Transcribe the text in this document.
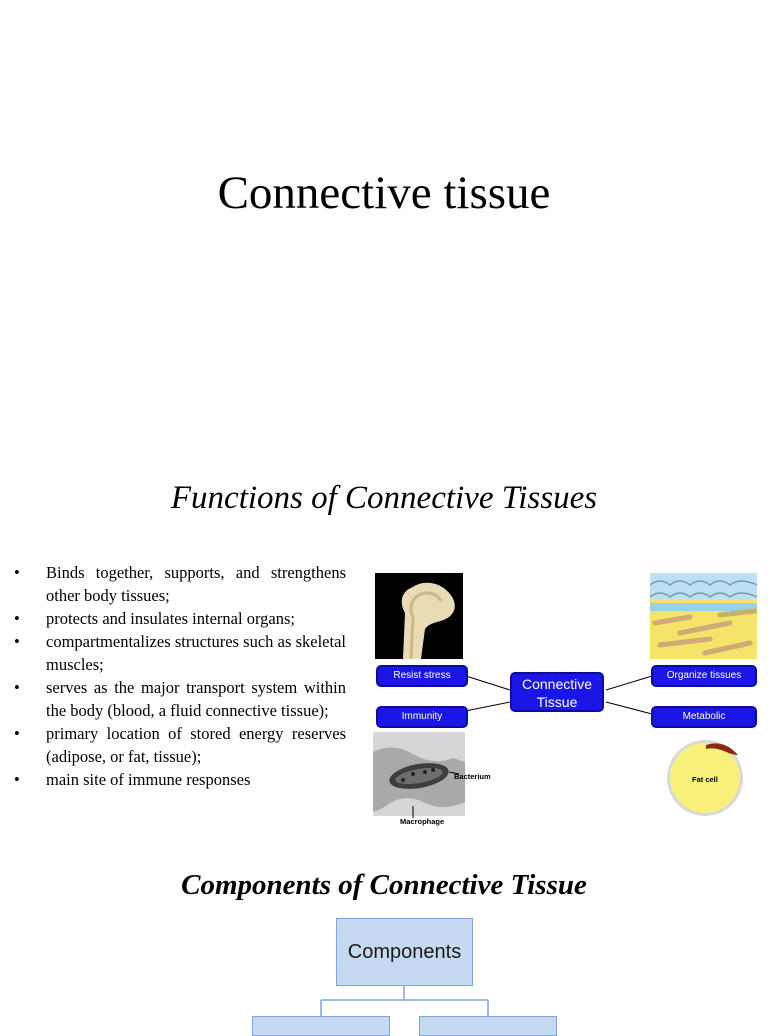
Connective tissue
Functions of Connective Tissues
• Binds together, supports, and strengthens other body tissues;
• protects and insulates internal organs;
• compartmentalizes structures such as skeletal muscles;
• serves as the major transport system within the body (blood, a fluid connective tissue);
• primary location of stored energy reserves (adipose, or fat, tissue);
• main site of immune responses
Resist stress
Immunity
Organize tissues
Metabolic
Connective Tissue
Bacterium
Macrophage
Fat cell
Components of Connective Tissue
Components
